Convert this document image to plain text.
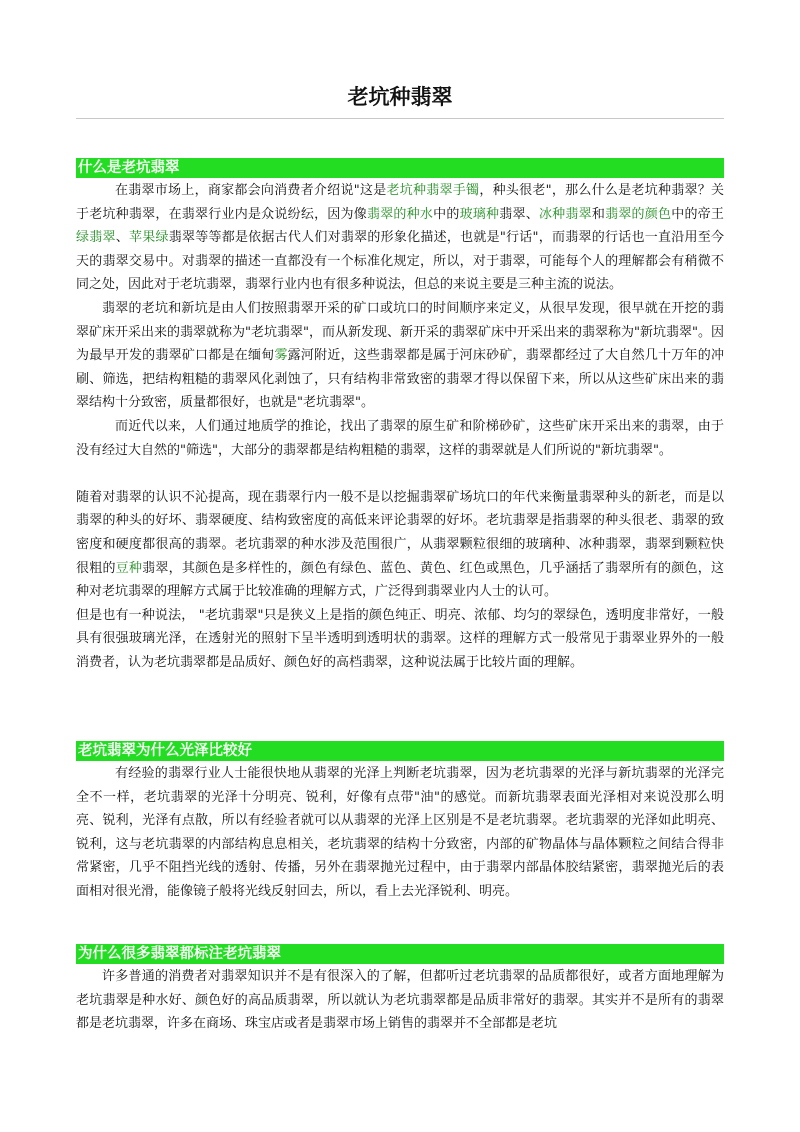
老坑种翡翠
什么是老坑翡翠

在翡翠市场上，商家都会向消费者介绍说"这是老坑种翡翠手镯，种头很老"，那么什么是老坑种翡翠？关于老坑种翡翠，在翡翠行业内是众说纷纭，因为像翡翠的种水中的玻璃种翡翠、冰种翡翠和翡翠的颜色中的帝王绿翡翠、苹果绿翡翠等等都是依据古代人们对翡翠的形象化描述，也就是"行话"，而翡翠的行话也一直沿用至今天的翡翠交易中。对翡翠的描述一直都没有一个标准化规定，所以，对于翡翠，可能每个人的理解都会有稍微不同之处，因此对于老坑翡翠，翡翠行业内也有很多种说法，但总的来说主要是三种主流的说法。

翡翠的老坑和新坑是由人们按照翡翠开采的矿口或坑口的时间顺序来定义，从很早发现，很早就在开挖的翡翠矿床开采出来的翡翠就称为"老坑翡翠"，而从新发现、新开采的翡翠矿床中开采出来的翡翠称为"新坑翡翠"。因为最早开发的翡翠矿口都是在缅甸雾露河附近，这些翡翠都是属于河床砂矿，翡翠都经过了大自然几十万年的冲刷、筛选，把结构粗糙的翡翠风化剥蚀了，只有结构非常致密的翡翠才得以保留下来，所以从这些矿床出来的翡翠结构十分致密，质量都很好，也就是"老坑翡翠"。

而近代以来，人们通过地质学的推论，找出了翡翠的原生矿和阶梯砂矿，这些矿床开采出来的翡翠，由于没有经过大自然的"筛选"，大部分的翡翠都是结构粗糙的翡翠，这样的翡翠就是人们所说的"新坑翡翠"。

随着对翡翠的认识不沁提高，现在翡翠行内一般不是以挖掘翡翠矿场坑口的年代来衡量翡翠种头的新老，而是以翡翠的种头的好坏、翡翠硬度、结构致密度的高低来评论翡翠的好坏。老坑翡翠是指翡翠的种头很老、翡翠的致密度和硬度都很高的翡翠。老坑翡翠的种水涉及范围很广，从翡翠颗粒很细的玻璃种、冰种翡翠，翡翠到颗粒快很粗的豆种翡翠，其颜色是多样性的，颜色有绿色、蓝色、黄色、红色或黑色，几乎涵括了翡翠所有的颜色，这种对老坑翡翠的理解方式属于比较准确的理解方式，广泛得到翡翠业内人士的认可。

但是也有一种说法， "老坑翡翠"只是狭义上是指的颜色纯正、明亮、浓郁、均匀的翠绿色，透明度非常好，一般具有很强玻璃光泽，在透射光的照射下呈半透明到透明状的翡翠。这样的理解方式一般常见于翡翠业界外的一般消费者，认为老坑翡翠都是品质好、颜色好的高档翡翠，这种说法属于比较片面的理解。

老坑翡翠为什么光泽比较好

有经验的翡翠行业人士能很快地从翡翠的光泽上判断老坑翡翠，因为老坑翡翠的光泽与新坑翡翠的光泽完全不一样，老坑翡翠的光泽十分明亮、锐利，好像有点带"油"的感觉。而新坑翡翠表面光泽相对来说没那么明亮、锐利，光泽有点散，所以有经验者就可以从翡翠的光泽上区别是不是老坑翡翠。老坑翡翠的光泽如此明亮、锐利，这与老坑翡翠的内部结构息息相关，老坑翡翠的结构十分致密，内部的矿物晶体与晶体颗粒之间结合得非常紧密，几乎不阻挡光线的透射、传播，另外在翡翠抛光过程中，由于翡翠内部晶体胶结紧密，翡翠抛光后的表面相对很光滑，能像镜子般将光线反射回去，所以，看上去光泽锐利、明亮。

为什么很多翡翠都标注老坑翡翠

许多普通的消费者对翡翠知识并不是有很深入的了解，但都听过老坑翡翠的品质都很好，或者方面地理解为老坑翡翠是种水好、颜色好的高品质翡翠，所以就认为老坑翡翠都是品质非常好的翡翠。其实并不是所有的翡翠都是老坑翡翠，许多在商场、珠宝店或者是翡翠市场上销售的翡翠并不全部都是老坑
